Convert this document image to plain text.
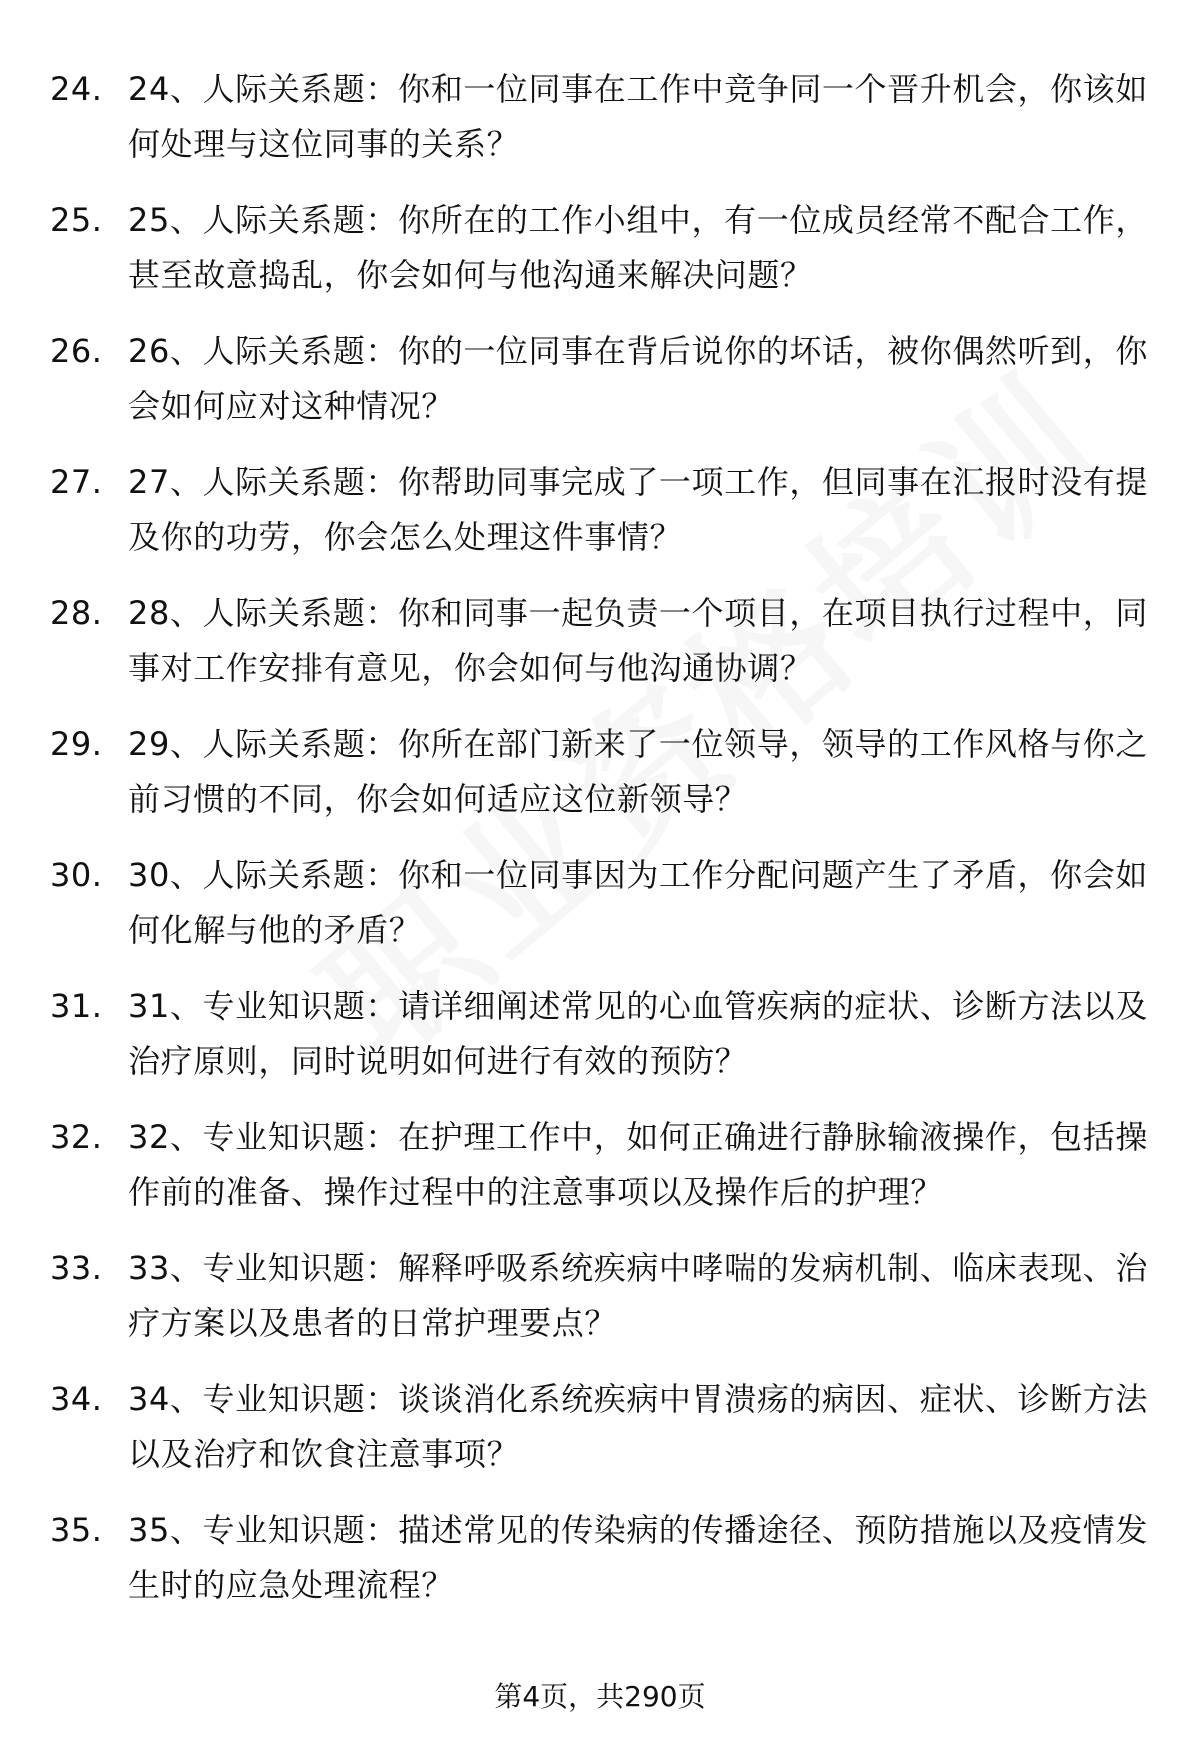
24. 24、人际关系题：你和一位同事在工作中竞争同一个晋升机会，你该如何处理与这位同事的关系？
25. 25、人际关系题：你所在的工作小组中，有一位成员经常不配合工作，甚至故意捣乱，你会如何与他沟通来解决问题？
26. 26、人际关系题：你的一位同事在背后说你的坏话，被你偶然听到，你会如何应对这种情况？
27. 27、人际关系题：你帮助同事完成了一项工作，但同事在汇报时没有提及你的功劳，你会怎么处理这件事情？
28. 28、人际关系题：你和同事一起负责一个项目，在项目执行过程中，同事对工作安排有意见，你会如何与他沟通协调？
29. 29、人际关系题：你所在部门新来了一位领导，领导的工作风格与你之前习惯的不同，你会如何适应这位新领导？
30. 30、人际关系题：你和一位同事因为工作分配问题产生了矛盾，你会如何化解与他的矛盾？
31. 31、专业知识题：请详细阐述常见的心血管疾病的症状、诊断方法以及治疗原则，同时说明如何进行有效的预防？
32. 32、专业知识题：在护理工作中，如何正确进行静脉输液操作，包括操作前的准备、操作过程中的注意事项以及操作后的护理？
33. 33、专业知识题：解释呼吸系统疾病中哮喘的发病机制、临床表现、治疗方案以及患者的日常护理要点？
34. 34、专业知识题：谈谈消化系统疾病中胃溃疡的病因、症状、诊断方法以及治疗和饮食注意事项？
35. 35、专业知识题：描述常见的传染病的传播途径、预防措施以及疫情发生时的应急处理流程？
第4页，共290页
